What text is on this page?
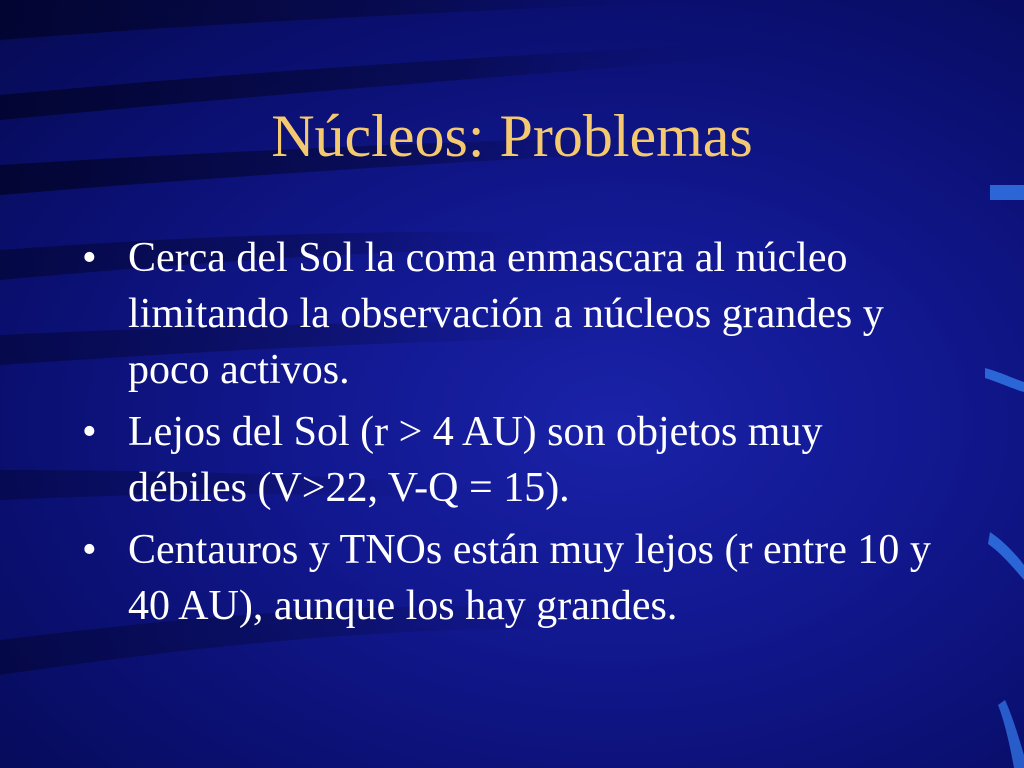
Núcleos: Problemas
• Cerca del Sol la coma enmascara al núcleo limitando la observación a núcleos grandes y poco activos.
• Lejos del Sol (r > 4 AU) son objetos muy débiles (V>22, V-Q = 15).
• Centauros y TNOs están muy lejos (r entre 10 y 40 AU), aunque los hay grandes.
